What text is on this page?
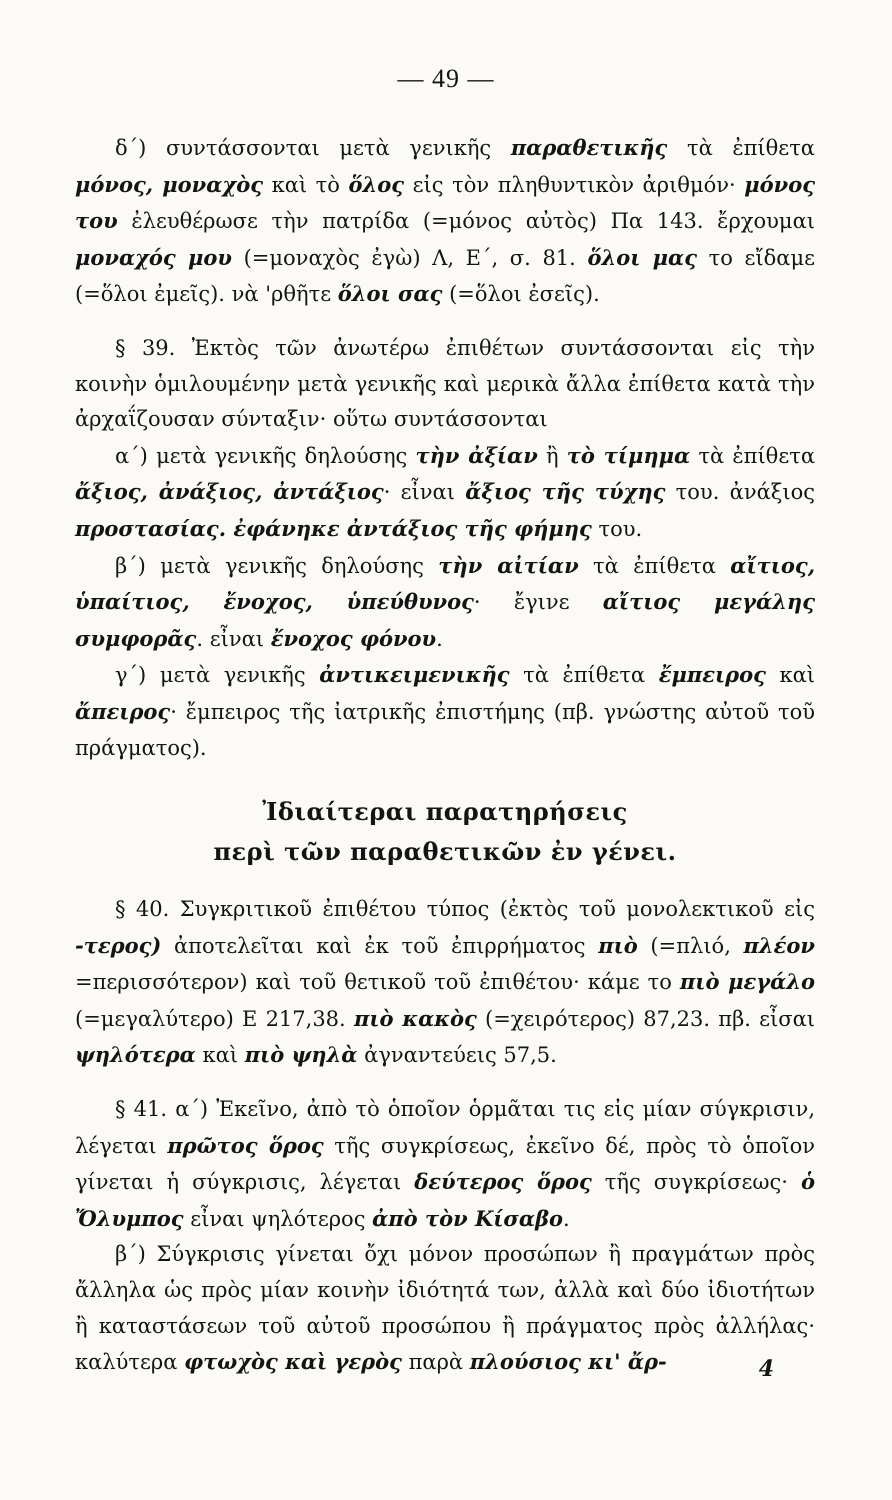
— 49 —

δ΄) συντάσσονται μετὰ γενικῆς παραθετικῆς τὰ ἐπίθετα μόνος, μοναχὸς καὶ τὸ ὅλος εἰς τὸν πληθυντικὸν ἀριθμόν· μόνος του ἐλευθέρωσε τὴν πατρίδα (=μόνος αὐτὸς) Πα 143. ἔρχουμαι μοναχός μου (=μοναχὸς ἐγὼ) Λ, Ε΄, σ. 81. ὅλοι μας το εἴδαμε (=ὅλοι ἐμεῖς). νὰ 'ρθῆτε ὅλοι σας (=ὅλοι ἐσεῖς).

§ 39. Ἐκτὸς τῶν ἀνωτέρω ἐπιθέτων συντάσσονται εἰς τὴν κοινὴν ὁμιλουμένην μετὰ γενικῆς καὶ μερικὰ ἄλλα ἐπίθετα κατὰ τὴν ἀρχαΐζουσαν σύνταξιν· οὕτω συντάσσονται

α΄) μετὰ γενικῆς δηλούσης τὴν ἀξίαν ἢ τὸ τίμημα τὰ ἐπίθετα ἄξιος, ἀνάξιος, ἀντάξιος· εἶναι ἄξιος τῆς τύχης του. ἀνάξιος προστασίας. ἐφάνηκε ἀντάξιος τῆς φήμης του.

β΄) μετὰ γενικῆς δηλούσης τὴν αἰτίαν τὰ ἐπίθετα αἴτιος, ὑπαίτιος, ἔνοχος, ὑπεύθυνος· ἔγινε αἴτιος μεγάλης συμφορᾶς. εἶναι ἔνοχος φόνου.

γ΄) μετὰ γενικῆς ἀντικειμενικῆς τὰ ἐπίθετα ἔμπειρος καὶ ἄπειρος· ἔμπειρος τῆς ἰατρικῆς ἐπιστήμης (πβ. γνώστης αὐτοῦ τοῦ πράγματος).

Ἰδιαίτεραι παρατηρήσεις
περὶ τῶν παραθετικῶν ἐν γένει.

§ 40. Συγκριτικοῦ ἐπιθέτου τύπος (ἐκτὸς τοῦ μονολεκτικοῦ εἰς -τερος) ἀποτελεῖται καὶ ἐκ τοῦ ἐπιρρήματος πιὸ (=πλιό, πλέον =περισσότερον) καὶ τοῦ θετικοῦ τοῦ ἐπιθέτου· κάμε το πιὸ μεγάλο (=μεγαλύτερο) Ε 217,38. πιὸ κακὸς (=χειρότερος) 87,23. πβ. εἶσαι ψηλότερα καὶ πιὸ ψηλὰ ἀγναντεύεις 57,5.

§ 41. α΄) Ἐκεῖνο, ἀπὸ τὸ ὁποῖον ὁρμᾶται τις εἰς μίαν σύγκρισιν, λέγεται πρῶτος ὅρος τῆς συγκρίσεως, ἐκεῖνο δέ, πρὸς τὸ ὁποῖον γίνεται ἡ σύγκρισις, λέγεται δεύτερος ὅρος τῆς συγκρίσεως· ὁ Ὄλυμπος εἶναι ψηλότερος ἀπὸ τὸν Κίσαβο.

β΄) Σύγκρισις γίνεται ὄχι μόνον προσώπων ἢ πραγμάτων πρὸς ἄλληλα ὡς πρὸς μίαν κοινὴν ἰδιότητά των, ἀλλὰ καὶ δύο ἰδιοτήτων ἢ καταστάσεων τοῦ αὐτοῦ προσώπου ἢ πράγματος πρὸς ἀλλήλας· καλύτερα φτωχὸς καὶ γερὸς παρὰ πλούσιος κι' ἄρ-	4
